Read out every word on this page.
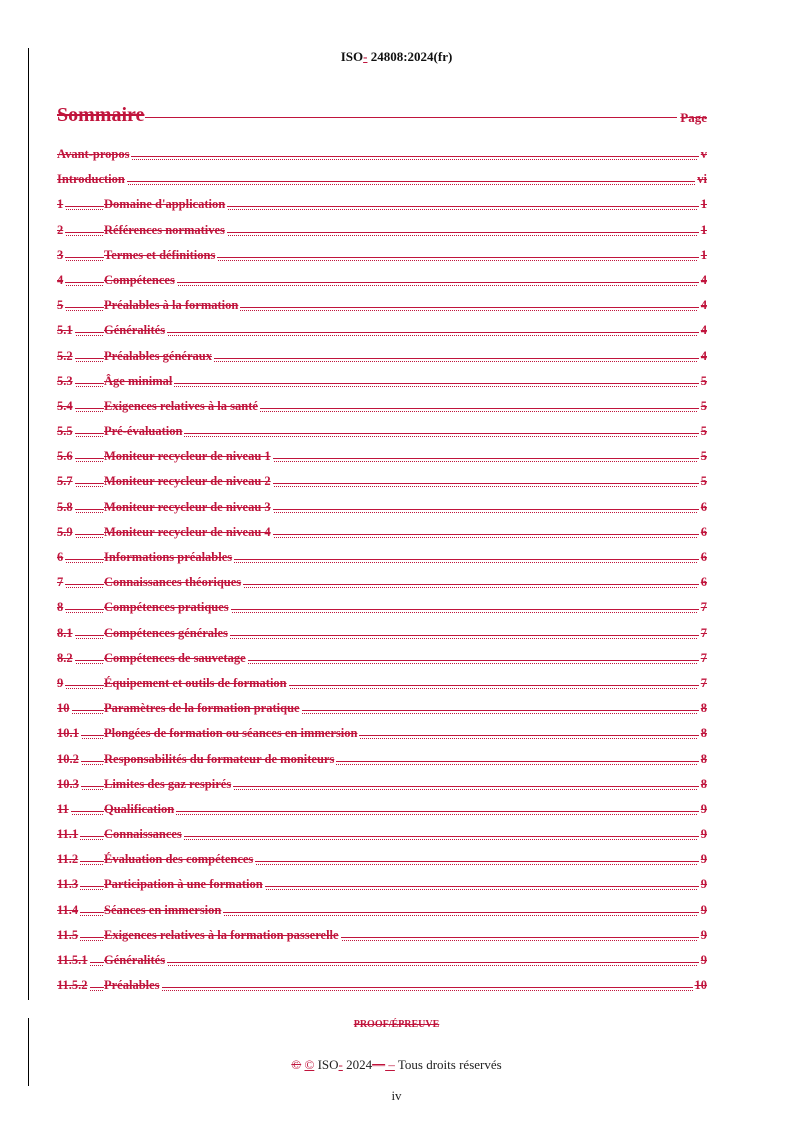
ISO- 24808:2024(fr)
Sommaire	Page
Avant-propos	v
Introduction	vi
1	Domaine d'application	1
2	Références normatives	1
3	Termes et définitions	1
4	Compétences	4
5	Préalables à la formation	4
5.1	Généralités	4
5.2	Préalables généraux	4
5.3	Âge minimal	5
5.4	Exigences relatives à la santé	5
5.5	Pré-évaluation	5
5.6	Moniteur recycleur de niveau 1	5
5.7	Moniteur recycleur de niveau 2	5
5.8	Moniteur recycleur de niveau 3	6
5.9	Moniteur recycleur de niveau 4	6
6	Informations préalables	6
7	Connaissances théoriques	6
8	Compétences pratiques	7
8.1	Compétences générales	7
8.2	Compétences de sauvetage	7
9	Équipement et outils de formation	7
10	Paramètres de la formation pratique	8
10.1 Plongées de formation ou séances en immersion	8
10.2 Responsabilités du formateur de moniteurs	8
10.3 Limites des gaz respirés	8
11	Qualification	9
11.1 Connaissances	9
11.2 Évaluation des compétences	9
11.3 Participation à une formation	9
11.4 Séances en immersion	9
11.5 Exigences relatives à la formation passerelle	9
11.5.1 Généralités	9
11.5.2 Préalables	10
PROOF/ÉPREUVE
© © ISO- 2024— – Tous droits réservés
iv
